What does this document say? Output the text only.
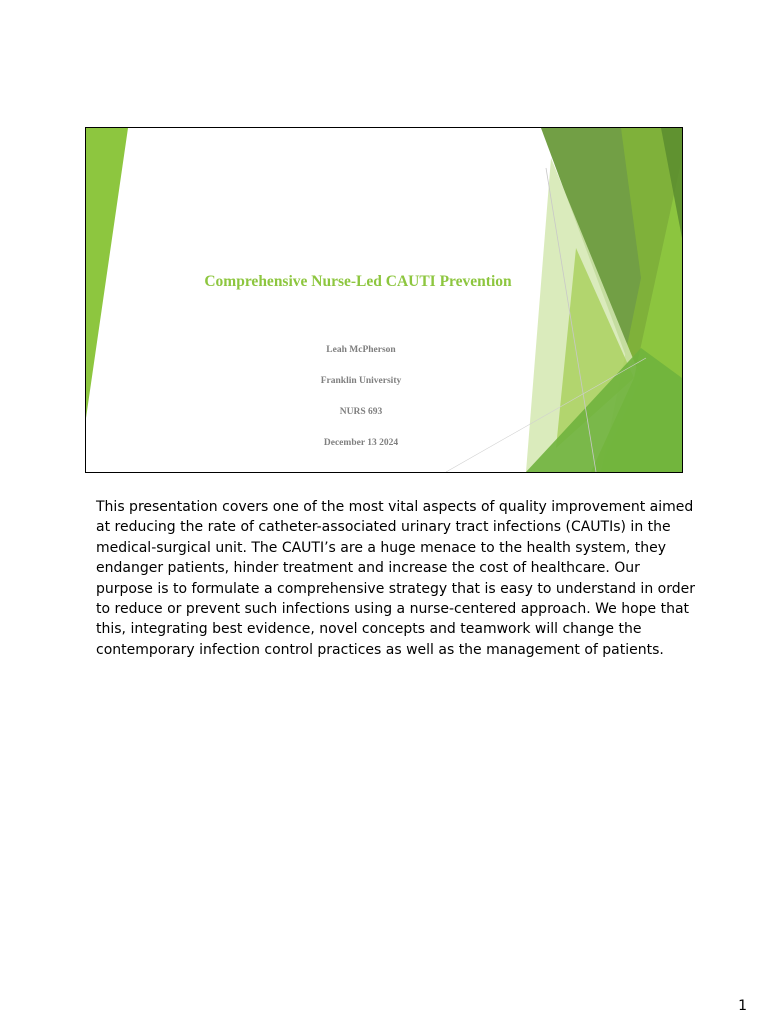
Comprehensive Nurse-Led CAUTI Prevention
Leah McPherson
Franklin University
NURS 693
December 13 2024

This presentation covers one of the most vital aspects of quality improvement aimed
at reducing the rate of catheter-associated urinary tract infections (CAUTIs) in the
medical-surgical unit. The CAUTI’s are a huge menace to the health system, they
endanger patients, hinder treatment and increase the cost of healthcare. Our
purpose is to formulate a comprehensive strategy that is easy to understand in order
to reduce or prevent such infections using a nurse-centered approach. We hope that
this, integrating best evidence, novel concepts and teamwork will change the
contemporary infection control practices as well as the management of patients.

1
